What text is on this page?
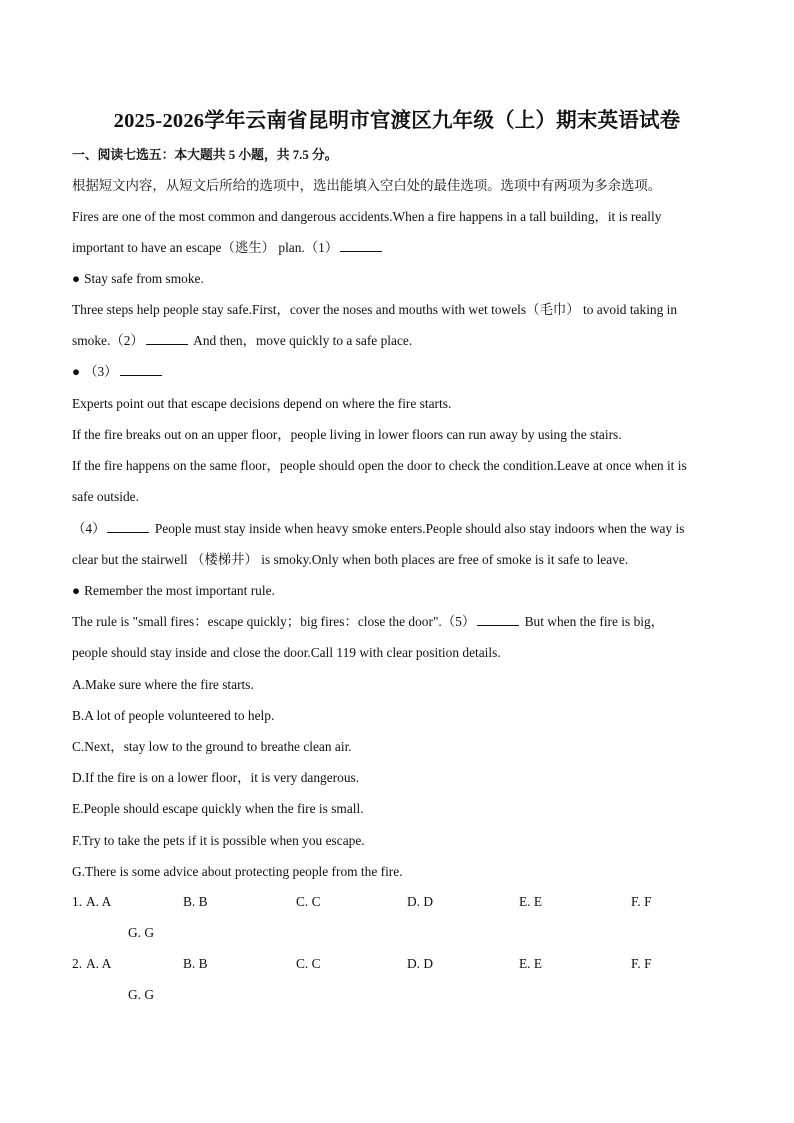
2025-2026学年云南省昆明市官渡区九年级（上）期末英语试卷
一、阅读七选五：本大题共 5 小题，共 7.5 分。
根据短文内容，从短文后所给的选项中，选出能填入空白处的最佳选项。选项中有两项为多余选项。
Fires are one of the most common and dangerous accidents.When a fire happens in a tall building，it is really
important to have an escape（逃生） plan.（1）
● Stay safe from smoke.
Three steps help people stay safe.First，cover the noses and mouths with wet towels（毛巾） to avoid taking in
smoke.（2）	And then，move quickly to a safe place.
● （3）
Experts point out that escape decisions depend on where the fire starts.
If the fire breaks out on an upper floor，people living in lower floors can run away by using the stairs.
If the fire happens on the same floor，people should open the door to check the condition.Leave at once when it is
safe outside.
（4）	People must stay inside when heavy smoke enters.People should also stay indoors when the way is
clear but the stairwell （楼梯井） is smoky.Only when both places are free of smoke is it safe to leave.
● Remember the most important rule.
The rule is "small fires：escape quickly；big fires：close the door".（5）	But when the fire is big，
people should stay inside and close the door.Call 119 with clear position details.
A.Make sure where the fire starts.
B.A lot of people volunteered to help.
C.Next，stay low to the ground to breathe clean air.
D.If the fire is on a lower floor，it is very dangerous.
E.People should escape quickly when the fire is small.
F.Try to take the pets if it is possible when you escape.
G.There is some advice about protecting people from the fire.
1. A. A	B. B	C. C	D. D	E. E	F. F
G. G
2. A. A	B. B	C. C	D. D	E. E	F. F
G. G
